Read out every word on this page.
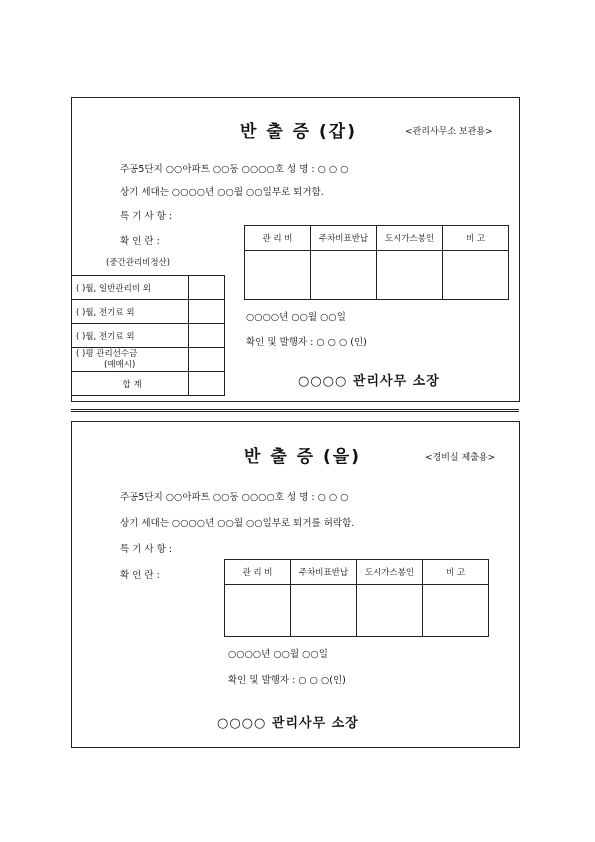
반 출 증 (갑)	<관리사무소 보관용>
주공5단지 ○○아파트 ○○동 ○○○○호 성 명 : ○ ○ ○
상기 세대는 ○○○○년 ○○월 ○○일부로 퇴거함.
특 기 사 항 :
확 인 란 :	관 리 비	주차비표반납	도시가스봉인	비 고

(중간관리비정산)
( )월, 일반관리비 외	
( )월, 전기료 외	
( )월, 전기료 외	

( )평 관리선수금
(매매시)	

합 계	
○○○○년 ○○월 ○○일
확인 및 발행자 : ○ ○ ○ (인)
○○○○ 관리사무 소장
반 출 증 (을)	<경비실 제출용>
주공5단지 ○○아파트 ○○동 ○○○○호 성 명 : ○ ○ ○
상기 세대는 ○○○○년 ○○월 ○○일부로 퇴거를 허락함.
특 기 사 항 :
확 인 란 :	관 리 비	주차비표반납	도시가스봉인	비 고

○○○○년 ○○월 ○○일
확인 및 발행자 : ○ ○ ○(인)
○○○○ 관리사무 소장
